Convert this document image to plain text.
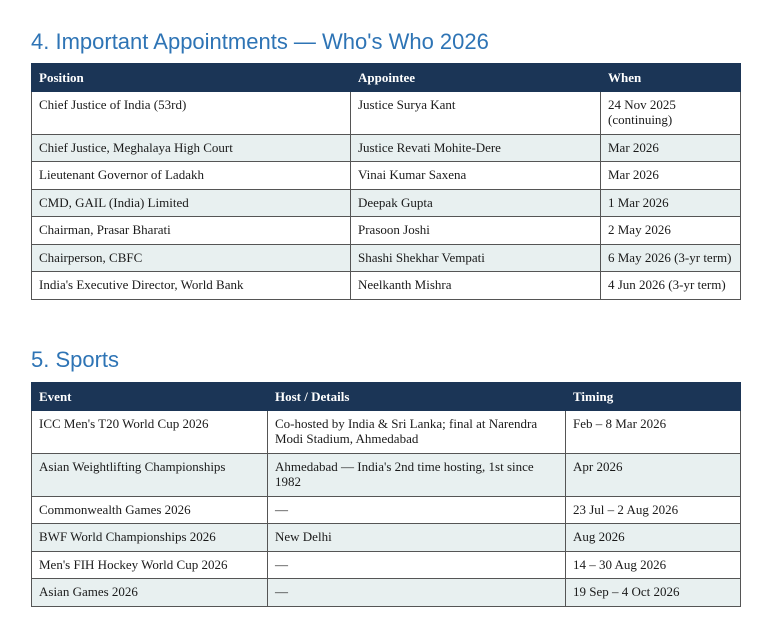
4. Important Appointments — Who's Who 2026
Position	Appointee	When
Chief Justice of India (53rd)	Justice Surya Kant	24 Nov 2025 (continuing)
Chief Justice, Meghalaya High Court	Justice Revati Mohite-Dere	Mar 2026
Lieutenant Governor of Ladakh	Vinai Kumar Saxena	Mar 2026
CMD, GAIL (India) Limited	Deepak Gupta	1 Mar 2026
Chairman, Prasar Bharati	Prasoon Joshi	2 May 2026
Chairperson, CBFC	Shashi Shekhar Vempati	6 May 2026 (3-yr term)
India's Executive Director, World Bank	Neelkanth Mishra	4 Jun 2026 (3-yr term)
5. Sports
Event	Host / Details	Timing
ICC Men's T20 World Cup 2026	Co-hosted by India & Sri Lanka; final at Narendra Modi Stadium, Ahmedabad	Feb – 8 Mar 2026
Asian Weightlifting Championships	Ahmedabad — India's 2nd time hosting, 1st since 1982	Apr 2026
Commonwealth Games 2026	—	23 Jul – 2 Aug 2026
BWF World Championships 2026	New Delhi	Aug 2026
Men's FIH Hockey World Cup 2026	—	14 – 30 Aug 2026
Asian Games 2026	—	19 Sep – 4 Oct 2026
